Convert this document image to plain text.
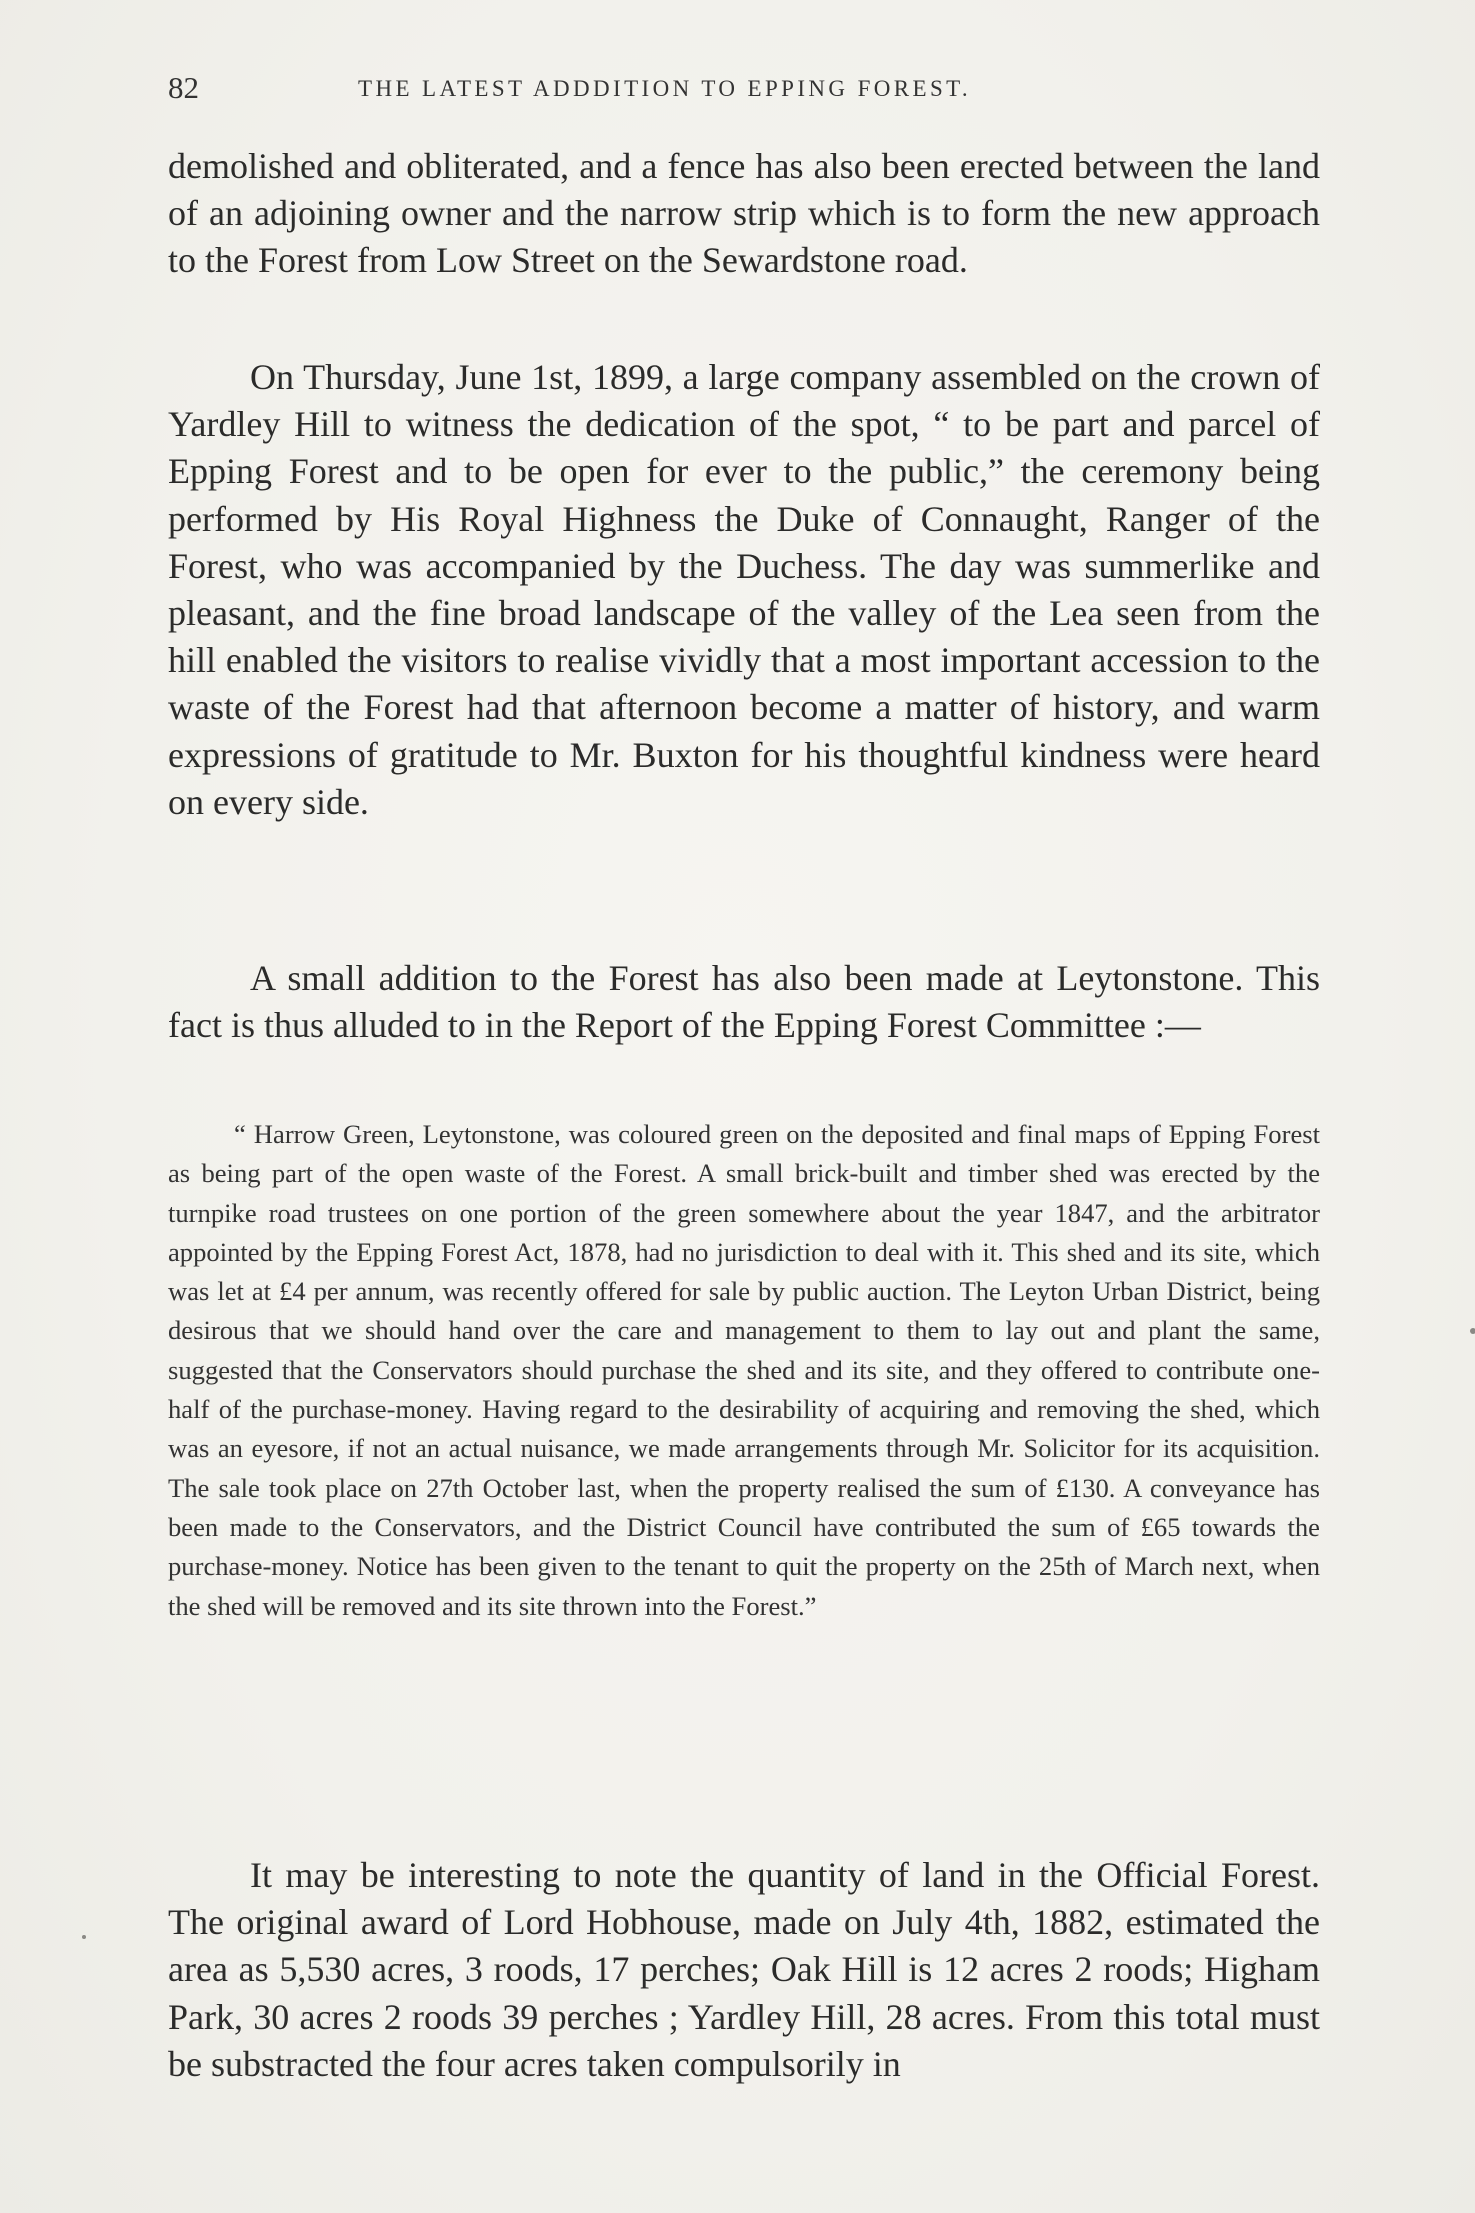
82	THE LATEST ADDDITION TO EPPING FOREST.

demolished and obliterated, and a fence has also been erected between the land of an adjoining owner and the narrow strip which is to form the new approach to the Forest from Low Street on the Sewardstone road.

On Thursday, June 1st, 1899, a large company assembled on the crown of Yardley Hill to witness the dedication of the spot, “ to be part and parcel of Epping Forest and to be open for ever to the public,” the ceremony being performed by His Royal Highness the Duke of Connaught, Ranger of the Forest, who was accompanied by the Duchess. The day was summerlike and pleasant, and the fine broad landscape of the valley of the Lea seen from the hill enabled the visitors to realise vividly that a most important accession to the waste of the Forest had that afternoon become a matter of history, and warm expressions of gratitude to Mr. Buxton for his thoughtful kindness were heard on every side.

A small addition to the Forest has also been made at Leytonstone. This fact is thus alluded to in the Report of the Epping Forest Committee :—

“ Harrow Green, Leytonstone, was coloured green on the deposited and final maps of Epping Forest as being part of the open waste of the Forest. A small brick-built and timber shed was erected by the turnpike road trustees on one portion of the green somewhere about the year 1847, and the arbitrator appointed by the Epping Forest Act, 1878, had no jurisdiction to deal with it. This shed and its site, which was let at £4 per annum, was recently offered for sale by public auction. The Leyton Urban District, being desirous that we should hand over the care and management to them to lay out and plant the same, suggested that the Conservators should purchase the shed and its site, and they offered to contribute one-half of the purchase-money. Having regard to the desirability of acquiring and removing the shed, which was an eyesore, if not an actual nuisance, we made arrangements through Mr. Solicitor for its acquisition. The sale took place on 27th October last, when the property realised the sum of £130. A conveyance has been made to the Conservators, and the District Council have contributed the sum of £65 towards the purchase-money. Notice has been given to the tenant to quit the property on the 25th of March next, when the shed will be removed and its site thrown into the Forest.”

It may be interesting to note the quantity of land in the Official Forest. The original award of Lord Hobhouse, made on July 4th, 1882, estimated the area as 5,530 acres, 3 roods, 17 perches; Oak Hill is 12 acres 2 roods; Higham Park, 30 acres 2 roods 39 perches ; Yardley Hill, 28 acres. From this total must be substracted the four acres taken compulsorily in
